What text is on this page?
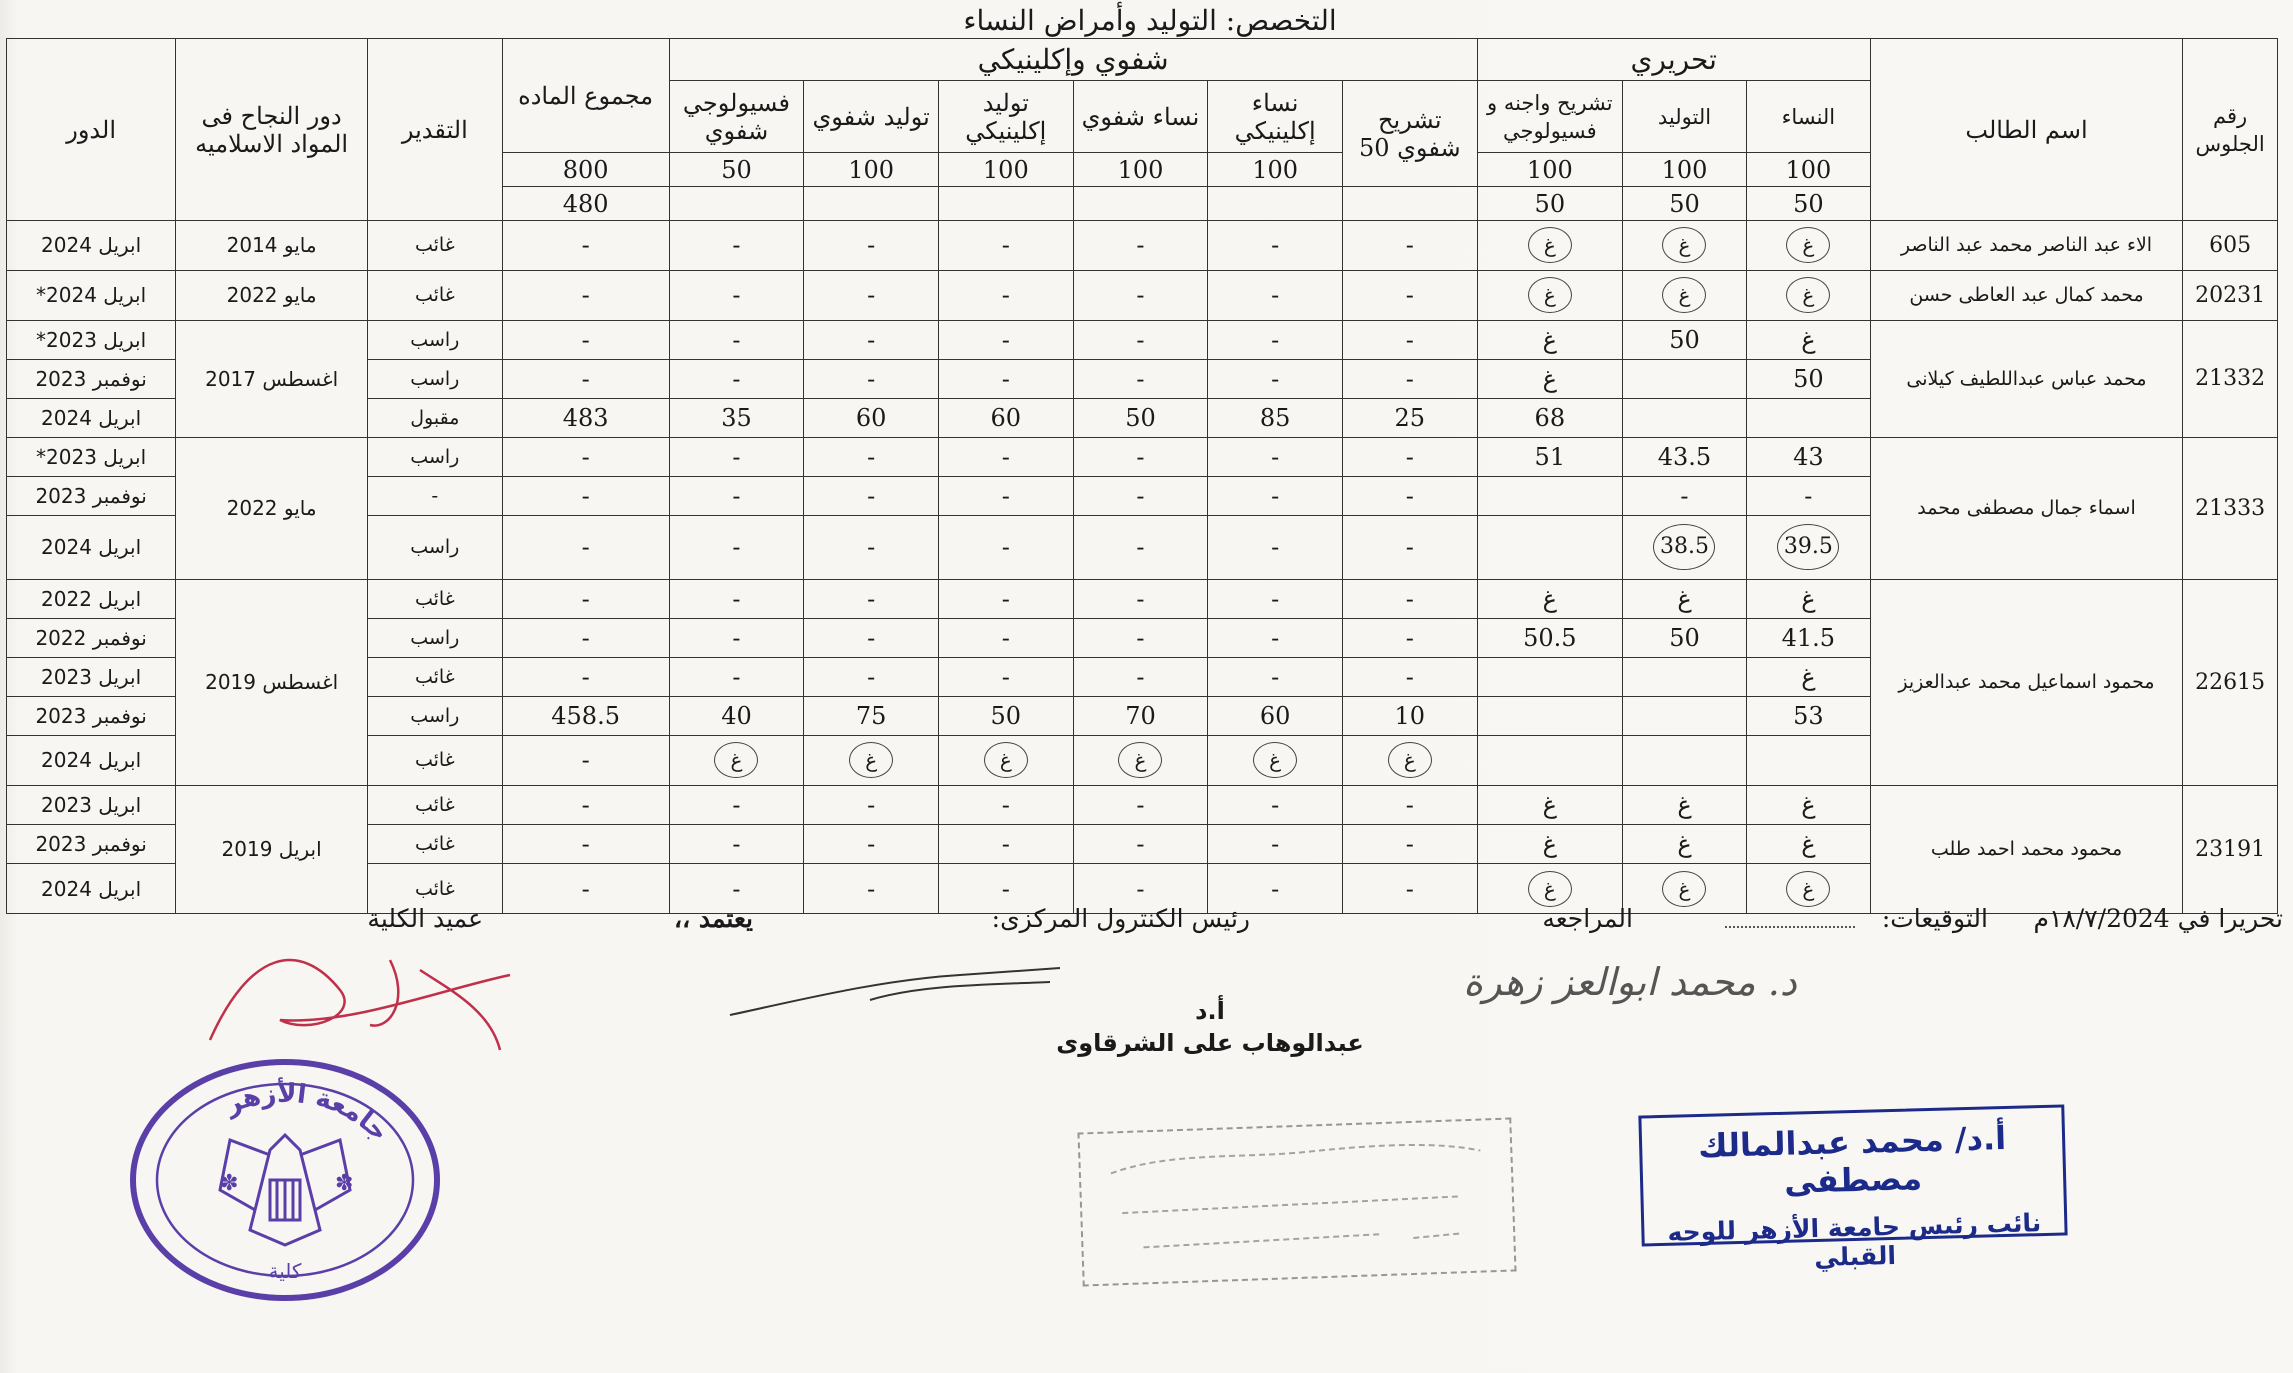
التخصص: التوليد وأمراض النساء
رقم الجلوس	اسم الطالب	تحريري			شفوي وإكلينيكي						مجموع الماده	التقدير	دور النجاح فى المواد الاسلاميه	الدور
		النساء	التوليد	تشريح واجنه و فسيولوجي	تشريح شفوي 50	نساء إكلينيكي	نساء شفوي	توليد إكلينيكي	توليد شفوي	فسيولوجي شفوي				
		100	100	100		100	100	100	100	50	800			
		50	50	50							480			
605	الاء عبد الناصر محمد عبد الناصر	غ	غ	غ	-	-	-	-	-	-	-	غائب	مايو 2014	ابريل 2024
20231	محمد كمال عبد العاطى حسن	غ	غ	غ	-	-	-	-	-	-	-	غائب	مايو 2022	ابريل 2024*
21332	محمد عباس عبداللطيف كيلانى	غ	50	غ	-	-	-	-	-	-	-	راسب	اغسطس 2017	ابريل 2023*
		50		غ	-	-	-	-	-	-	-	راسب		نوفمبر 2023
				68	25	85	50	60	60	35	483	مقبول		ابريل 2024
21333	اسماء جمال مصطفى محمد	43	43.5	51	-	-	-	-	-	-	-	راسب	مايو 2022	ابريل 2023*
		-	-		-	-	-	-	-	-	-	-		نوفمبر 2023
		39.5	38.5		-	-	-	-	-	-	-	راسب		ابريل 2024
22615	محمود اسماعيل محمد عبدالعزيز	غ	غ	غ	-	-	-	-	-	-	-	غائب	اغسطس 2019	ابريل 2022
		41.5	50	50.5	-	-	-	-	-	-	-	راسب		نوفمبر 2022
		غ			-	-	-	-	-	-	-	غائب		ابريل 2023
		53			10	60	70	50	75	40	458.5	راسب		نوفمبر 2023
					غ	غ	غ	غ	غ	غ	-	غائب		ابريل 2024
23191	محمود محمد احمد طلب	غ	غ	غ	-	-	-	-	-	-	-	غائب	ابريل 2019	ابريل 2023
		غ	غ	غ	-	-	-	-	-	-	-	غائب		نوفمبر 2023
		غ	غ	غ	-	-	-	-	-	-	-	غائب		ابريل 2024
تحريرا في ١٨/٧/2024م
التوقيعات:
المراجعه
رئيس الكنترول المركزى:
يعتمد ،،
عميد الكلية
أ.د
عبدالوهاب على الشرقاوى
د. محمد ابوالعز زهرة
أ.د/ محمد عبدالمالك مصطفى
نائب رئيس جامعة الأزهر للوجه القبلي
جامعة الأزهر
✽	✽
كلية
